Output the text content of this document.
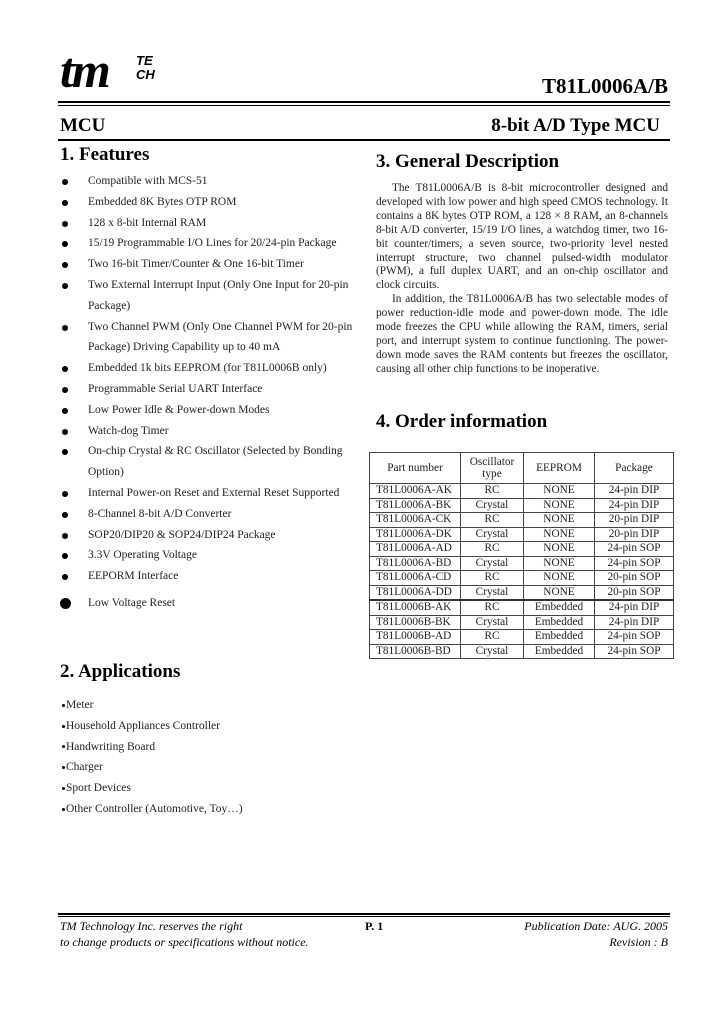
tm TE
CH	T81L0006A/B
MCU	8-bit A/D Type MCU
1. Features
Compatible with MCS-51
Embedded 8K Bytes OTP ROM
128 x 8-bit Internal RAM
15/19 Programmable I/O Lines for 20/24-pin Package
Two 16-bit Timer/Counter & One 16-bit Timer
Two External Interrupt Input (Only One Input for 20-pin Package)
Two Channel PWM (Only One Channel PWM for 20-pin Package) Driving Capability up to 40 mA
Embedded 1k bits EEPROM (for T81L0006B only)
Programmable Serial UART Interface
Low Power Idle & Power-down Modes
Watch-dog Timer
On-chip Crystal & RC Oscillator (Selected by Bonding Option)
Internal Power-on Reset and External Reset Supported
8-Channel 8-bit A/D Converter
SOP20/DIP20 & SOP24/DIP24 Package
3.3V Operating Voltage
EEPORM Interface
Low Voltage Reset
2. Applications
Meter
Household Appliances Controller
Handwriting Board
Charger
Sport Devices
Other Controller (Automotive, Toy…)
3. General Description

The T81L0006A/B is 8-bit microcontroller designed and developed with low power and high speed CMOS technology. It contains a 8K bytes OTP ROM, a 128 × 8 RAM, an 8-channels 8-bit A/D converter, 15/19 I/O lines, a watchdog timer, two 16-bit counter/timers, a seven source, two-priority level nested interrupt structure, two channel pulsed-width modulator (PWM), a full duplex UART, and an on-chip oscillator and clock circuits.

In addition, the T81L0006A/B has two selectable modes of power reduction-idle mode and power-down mode. The idle mode freezes the CPU while allowing the RAM, timers, serial port, and interrupt system to continue functioning. The power-down mode saves the RAM contents but freezes the oscillator, causing all other chip functions to be inoperative.

4. Order information
Part number	Oscillator type	EEPROM	Package
T81L0006A-AK	RC	NONE	24-pin DIP
T81L0006A-BK	Crystal	NONE	24-pin DIP
T81L0006A-CK	RC	NONE	20-pin DIP
T81L0006A-DK	Crystal	NONE	20-pin DIP
T81L0006A-AD	RC	NONE	24-pin SOP
T81L0006A-BD	Crystal	NONE	24-pin SOP
T81L0006A-CD	RC	NONE	20-pin SOP
T81L0006A-DD	Crystal	NONE	20-pin SOP
T81L0006B-AK	RC	Embedded	24-pin DIP
T81L0006B-BK	Crystal	Embedded	24-pin DIP
T81L0006B-AD	RC	Embedded	24-pin SOP
T81L0006B-BD	Crystal	Embedded	24-pin SOP
TM Technology Inc. reserves the right
to change products or specifications without notice.
P. 1	Publication Date: AUG. 2005
Revision : B
